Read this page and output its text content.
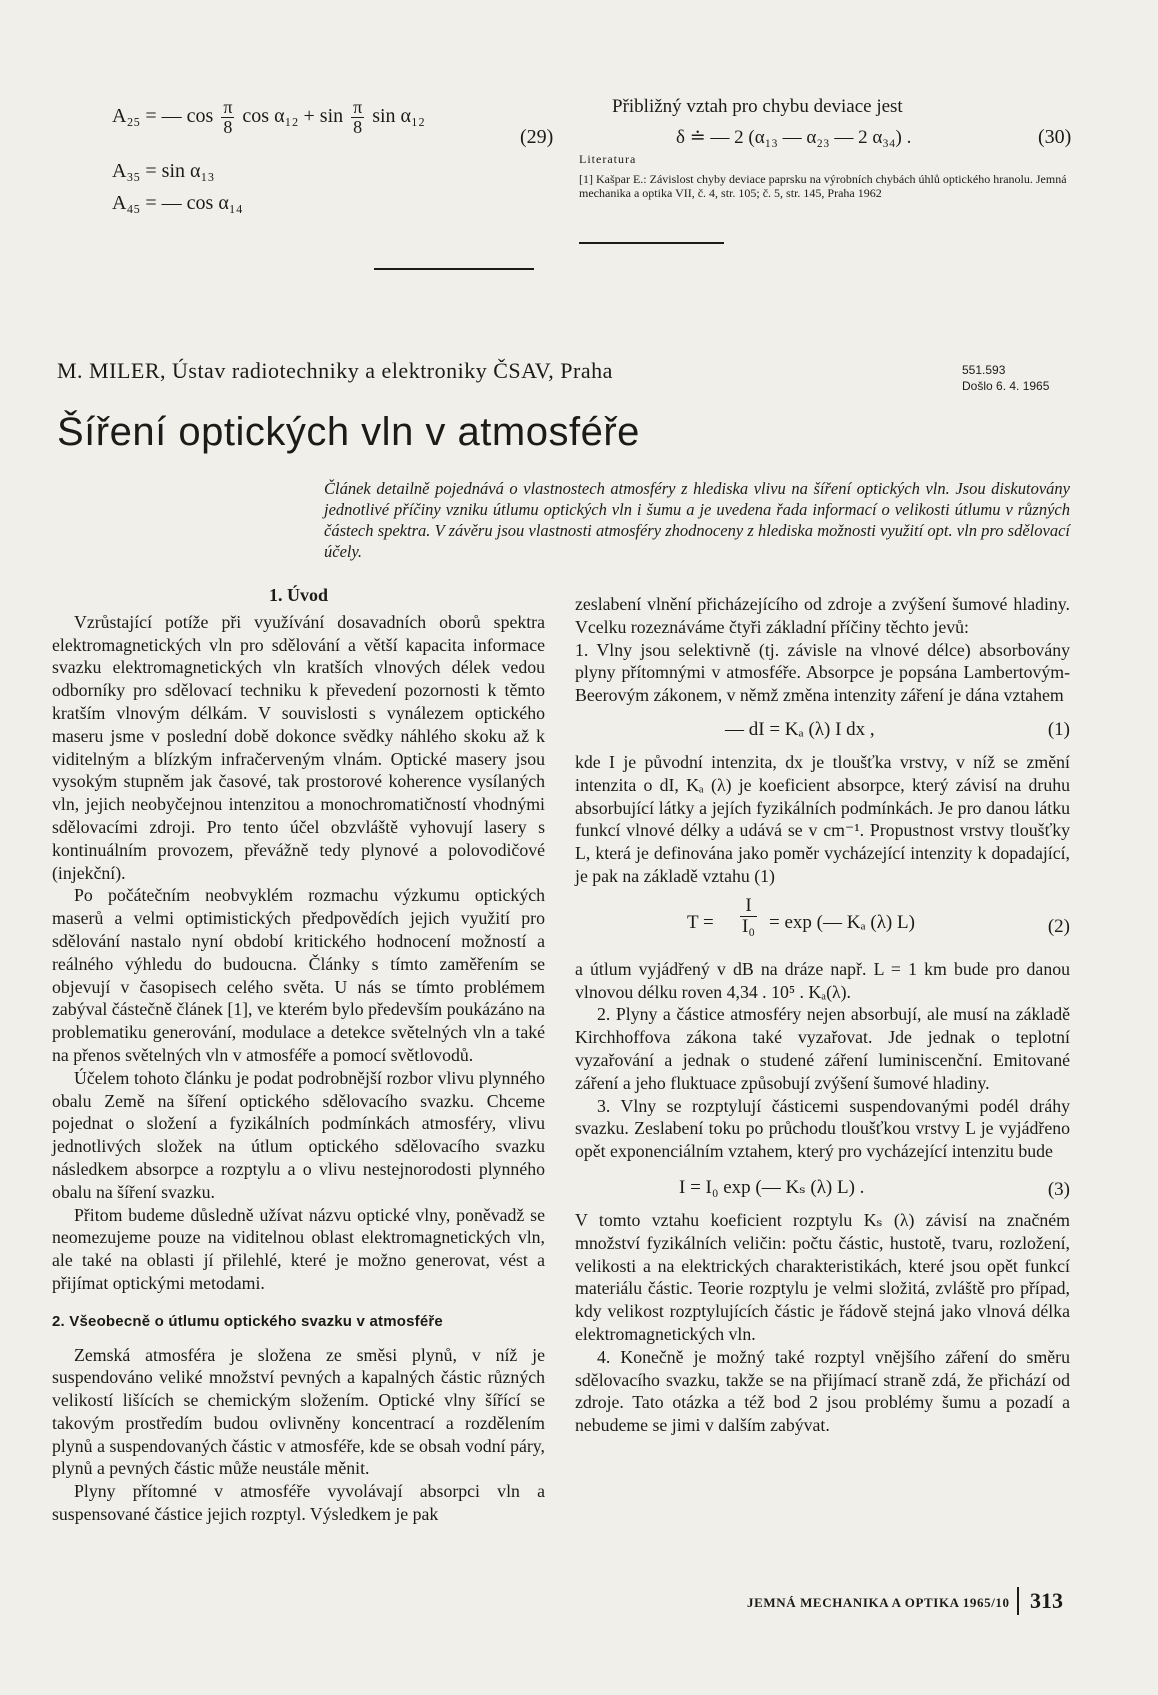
A₂₅ = — $\cos \frac{\pi}{8}$ $\cos \alpha_{12} + \sin \frac{\pi}{8}$ sin α₁₂
(29)
A₃₅ = sin α₁₃
A₄₅ = — cos α₁₄
Přibližný vztah pro chybu deviace jest
δ ≐ — 2 (α₁₃ — α₂₃ — 2 α₃₄) .	(30)
Literatura
[1] Kašpar E.: Závislost chyby deviace paprsku na výrobních chybách úhlů optického hranolu. Jemná mechanika a optika VII, č. 4, str. 105; č. 5, str. 145, Praha 1962
M. MILER, Ústav radiotechniky a elektroniky ČSAV, Praha	551.593
Došlo 6. 4. 1965
Šíření optických vln v atmosféře
Článek detailně pojednává o vlastnostech atmosféry z hlediska vlivu na šíření optických vln. Jsou diskutovány jednotlivé příčiny vzniku útlumu optických vln i šumu a je uvedena řada informací o velikosti útlumu v různých částech spektra. V závěru jsou vlastnosti atmosféry zhodnoceny z hlediska možnosti využití opt. vln pro sdělovací účely.
1. Úvod

Vzrůstající potíže při využívání dosavadních oborů spektra elektromagnetických vln pro sdělování a větší kapacita informace svazku elektromagnetických vln kratších vlnových délek vedou odborníky pro sdělovací techniku k převedení pozornosti k těmto kratším vlnovým délkám. V souvislosti s vynálezem optického maseru jsme v poslední době dokonce svědky náhlého skoku až k viditelným a blízkým infračerveným vlnám. Optické masery jsou vysokým stupněm jak časové, tak prostorové koherence vysílaných vln, jejich neobyčejnou intenzitou a monochromatičností vhodnými sdělovacími zdroji. Pro tento účel obzvláště vyhovují lasery s kontinuálním provozem, převážně tedy plynové a polovodičové (injekční).

Po počátečním neobvyklém rozmachu výzkumu optických maserů a velmi optimistických předpovědích jejich využití pro sdělování nastalo nyní období kritického hodnocení možností a reálného výhledu do budoucna. Články s tímto zaměřením se objevují v časopisech celého světa. U nás se tímto problémem zabýval částečně článek [1], ve kterém bylo především poukázáno na problematiku generování, modulace a detekce světelných vln a také na přenos světelných vln v atmosféře a pomocí světlovodů.

Účelem tohoto článku je podat podrobnější rozbor vlivu plynného obalu Země na šíření optického sdělovacího svazku. Chceme pojednat o složení a fyzikálních podmínkách atmosféry, vlivu jednotlivých složek na útlum optického sdělovacího svazku následkem absorpce a rozptylu a o vlivu nestejnorodosti plynného obalu na šíření svazku.

Přitom budeme důsledně užívat názvu optické vlny, poněvadž se neomezujeme pouze na viditelnou oblast elektromagnetických vln, ale také na oblasti jí přilehlé, které je možno generovat, vést a přijímat optickými metodami.

2. Všeobecně o útlumu optického svazku v atmosféře

Zemská atmosféra je složena ze směsi plynů, v níž je suspendováno veliké množství pevných a kapalných částic různých velikostí lišících se chemickým složením. Optické vlny šířící se takovým prostředím budou ovlivněny koncentrací a rozdělením plynů a suspendovaných částic v atmosféře, kde se obsah vodní páry, plynů a pevných částic může neustále měnit.

Plyny přítomné v atmosféře vyvolávají absorpci vln a suspensované částice jejich rozptyl. Výsledkem je pak

zeslabení vlnění přicházejícího od zdroje a zvýšení šumové hladiny. Vcelku rozeznáváme čtyři základní příčiny těchto jevů:

1. Vlny jsou selektivně (tj. závisle na vlnové délce) absorbovány plyny přítomnými v atmosféře. Absorpce je popsána Lambertovým-Beerovým zákonem, v němž změna intenzity záření je dána vztahem

— dI = Kₐ (λ) I dx ,	(1)

kde I je původní intenzita, dx je tloušťka vrstvy, v níž se změní intenzita o dI, Kₐ (λ) je koeficient absorpce, který závisí na druhu absorbující látky a jejích fyzikálních podmínkách. Je pro danou látku funkcí vlnové délky a udává se v cm⁻¹. Propustnost vrstvy tloušťky L, která je definována jako poměr vycházející intenzity k dopadající, je pak na základě vztahu (1)

$T = \frac{I}{\text{I₀}} = \exp$ (— Kₐ (λ) L)	(2)

a útlum vyjádřený v dB na dráze např. L = 1 km bude pro danou vlnovou délku roven 4,34 . 10⁵ . Kₐ(λ).

2. Plyny a částice atmosféry nejen absorbují, ale musí na základě Kirchhoffova zákona také vyzařovat. Jde jednak o teplotní vyzařování a jednak o studené záření luminiscenční. Emitované záření a jeho fluktuace způsobují zvýšení šumové hladiny.

3. Vlny se rozptylují částicemi suspendovanými podél dráhy svazku. Zeslabení toku po průchodu tloušťkou vrstvy L je vyjádřeno opět exponenciálním vztahem, který pro vycházející intenzitu bude

I = I₀ exp (— Kₛ (λ) L) .	(3)

V tomto vztahu koeficient rozptylu Kₛ (λ) závisí na značném množství fyzikálních veličin: počtu částic, hustotě, tvaru, rozložení, velikosti a na elektrických charakteristikách, které jsou opět funkcí materiálu částic. Teorie rozptylu je velmi složitá, zvláště pro případ, kdy velikost rozptylujících částic je řádově stejná jako vlnová délka elektromagnetických vln.

4. Konečně je možný také rozptyl vnějšího záření do směru sdělovacího svazku, takže se na přijímací straně zdá, že přichází od zdroje. Tato otázka a též bod 2 jsou problémy šumu a pozadí a nebudeme se jimi v dalším zabývat.

JEMNÁ MECHANIKA A OPTIKA 1965/10 313
